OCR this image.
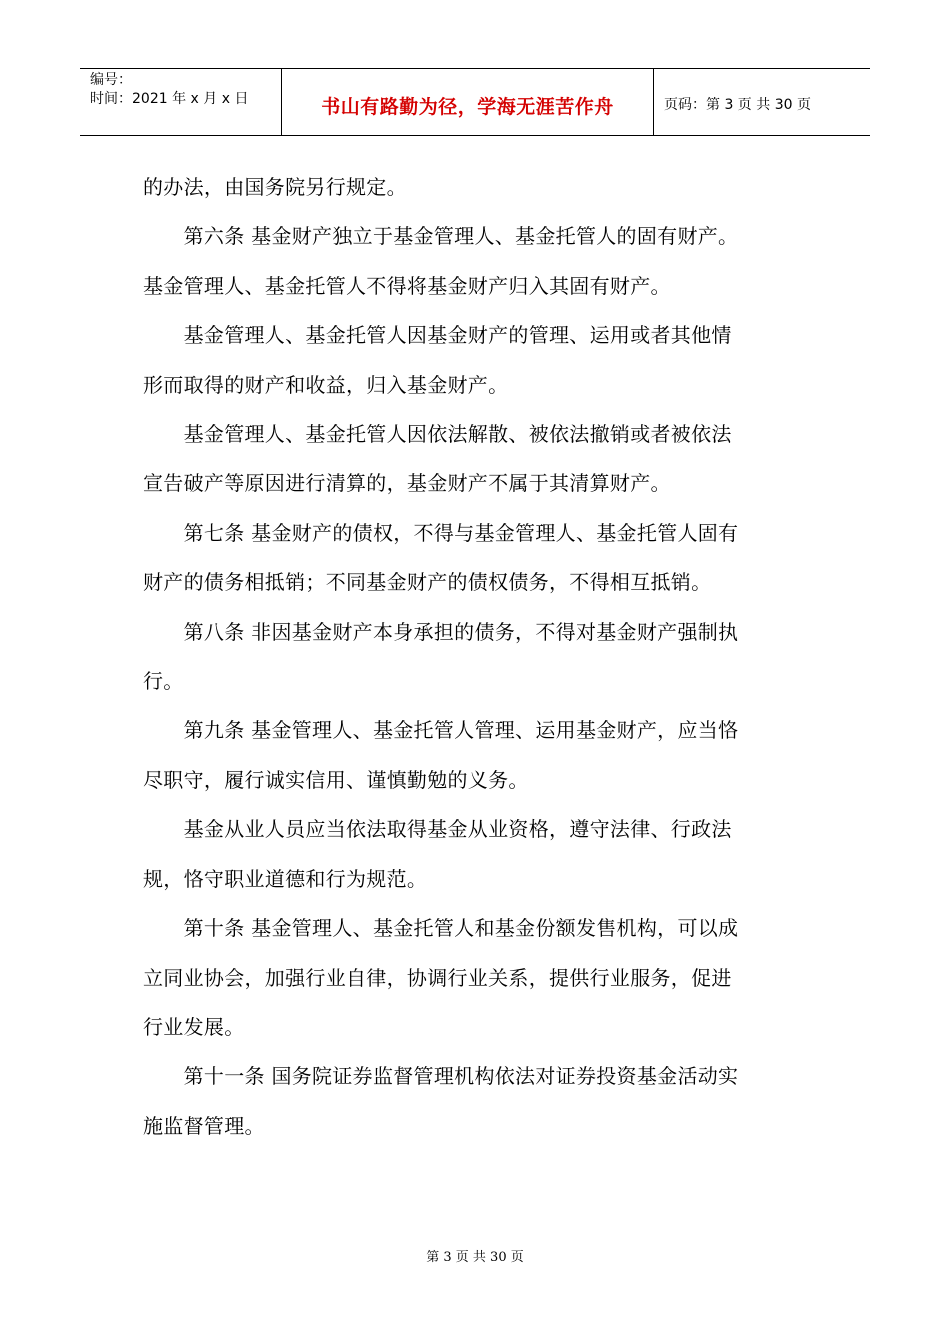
编号：
时间：2021 年 x 月 x 日	书山有路勤为径，学海无涯苦作舟	页码：第 3 页 共 30 页

的办法，由国务院另行规定。

　　第六条 基金财产独立于基金管理人、基金托管人的固有财产。

基金管理人、基金托管人不得将基金财产归入其固有财产。

　　基金管理人、基金托管人因基金财产的管理、运用或者其他情

形而取得的财产和收益，归入基金财产。

　　基金管理人、基金托管人因依法解散、被依法撤销或者被依法

宣告破产等原因进行清算的，基金财产不属于其清算财产。

　　第七条 基金财产的债权，不得与基金管理人、基金托管人固有

财产的债务相抵销；不同基金财产的债权债务，不得相互抵销。

　　第八条 非因基金财产本身承担的债务，不得对基金财产强制执

行。

　　第九条 基金管理人、基金托管人管理、运用基金财产，应当恪

尽职守，履行诚实信用、谨慎勤勉的义务。

　　基金从业人员应当依法取得基金从业资格，遵守法律、行政法

规，恪守职业道德和行为规范。

　　第十条 基金管理人、基金托管人和基金份额发售机构，可以成

立同业协会，加强行业自律，协调行业关系，提供行业服务，促进

行业发展。

　　第十一条 国务院证券监督管理机构依法对证券投资基金活动实

施监督管理。

第 3 页 共 30 页
